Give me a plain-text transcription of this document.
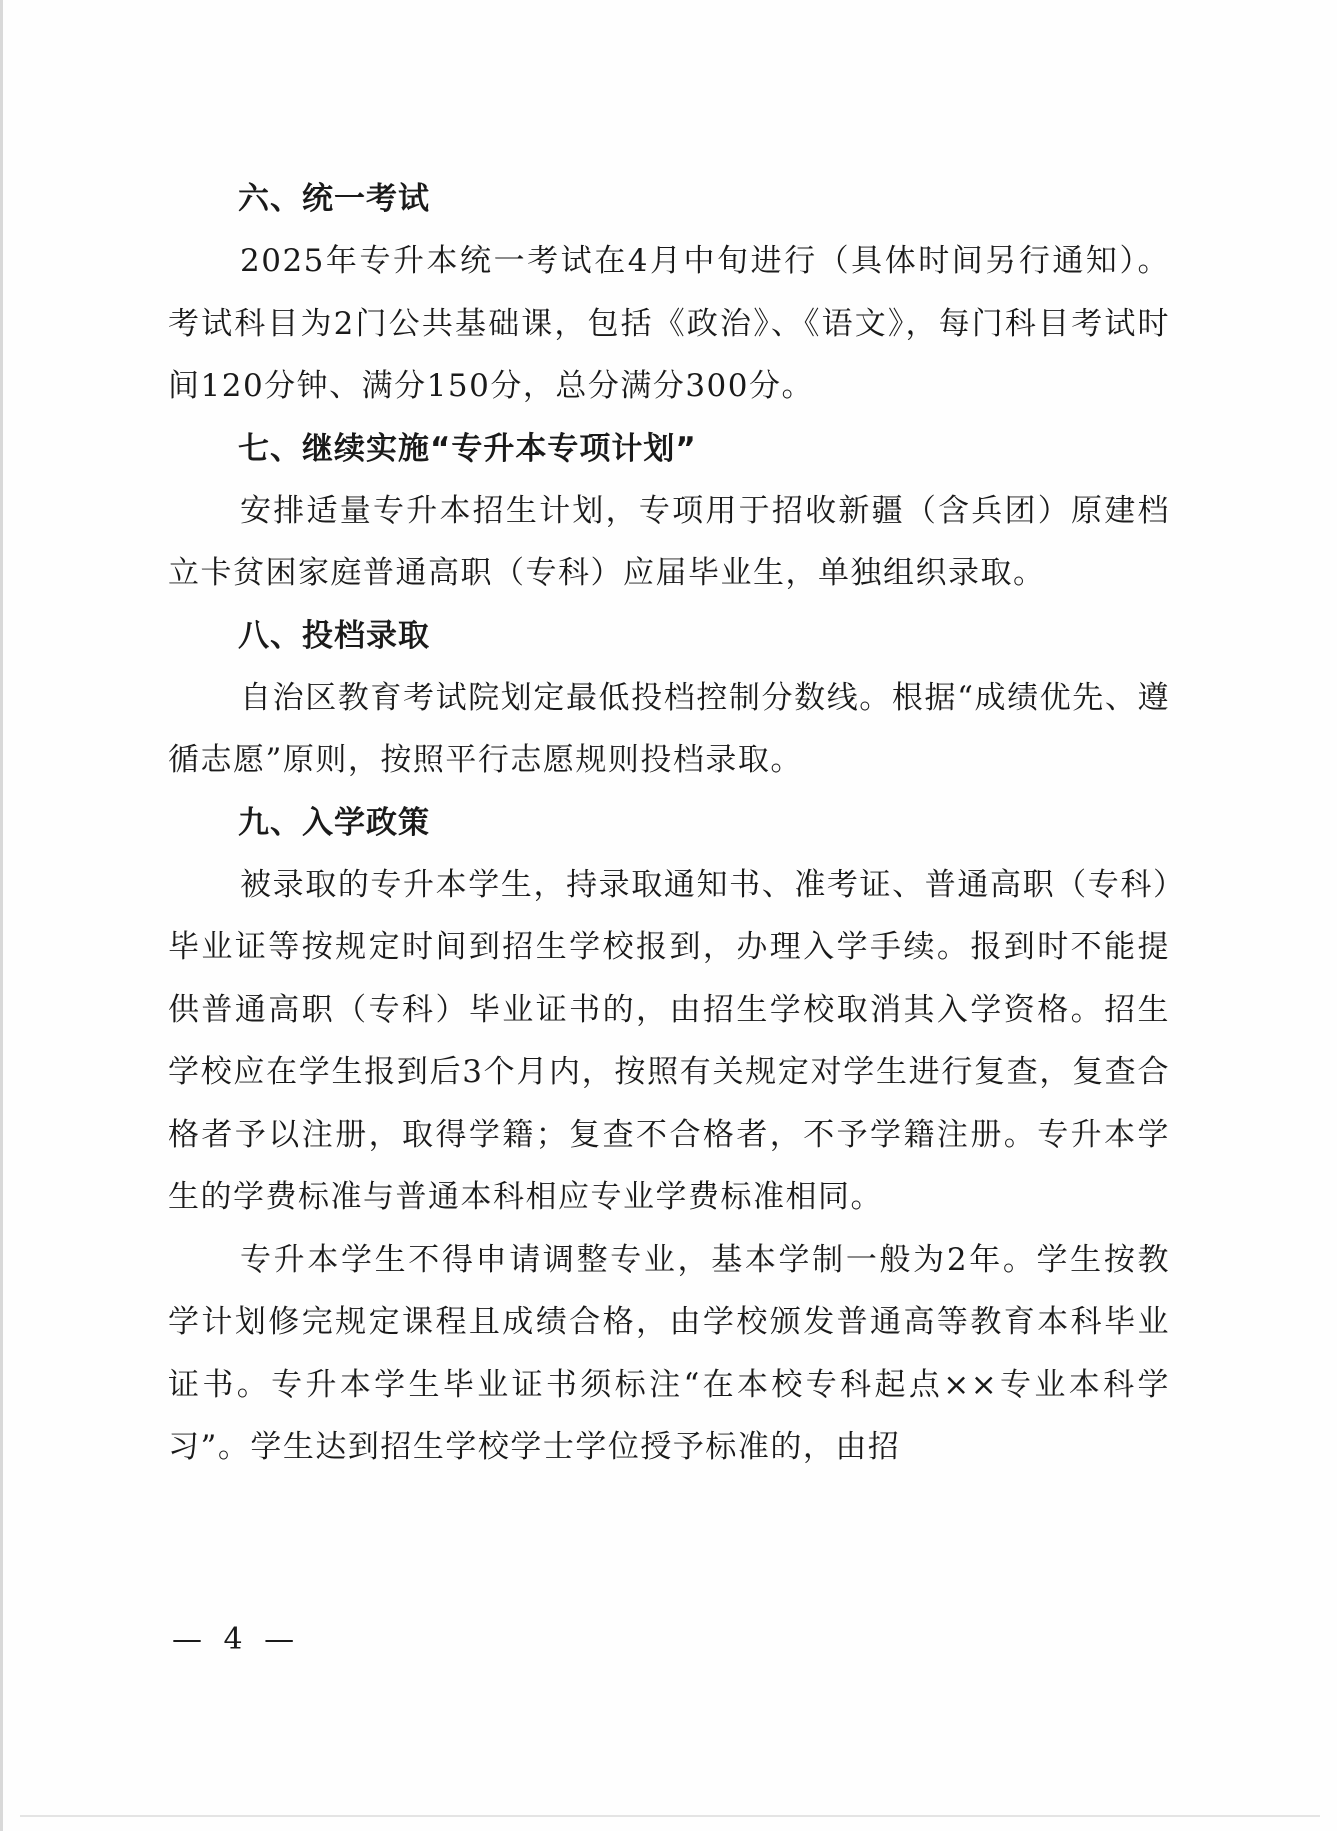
六、统一考试

2025年专升本统一考试在4月中旬进行（具体时间另行通知）。考试科目为2门公共基础课，包括《政治》、《语文》，每门科目考试时间120分钟、满分150分，总分满分300分。

七、继续实施“专升本专项计划”

安排适量专升本招生计划，专项用于招收新疆（含兵团）原建档立卡贫困家庭普通高职（专科）应届毕业生，单独组织录取。

八、投档录取

自治区教育考试院划定最低投档控制分数线。根据“成绩优先、遵循志愿”原则，按照平行志愿规则投档录取。

九、入学政策

被录取的专升本学生，持录取通知书、准考证、普通高职（专科）毕业证等按规定时间到招生学校报到，办理入学手续。报到时不能提供普通高职（专科）毕业证书的，由招生学校取消其入学资格。招生学校应在学生报到后3个月内，按照有关规定对学生进行复查，复查合格者予以注册，取得学籍；复查不合格者，不予学籍注册。专升本学生的学费标准与普通本科相应专业学费标准相同。

专升本学生不得申请调整专业，基本学制一般为2年。学生按教学计划修完规定课程且成绩合格，由学校颁发普通高等教育本科毕业证书。专升本学生毕业证书须标注“在本校专科起点××专业本科学习”。学生达到招生学校学士学位授予标准的，由招

— 4 —
